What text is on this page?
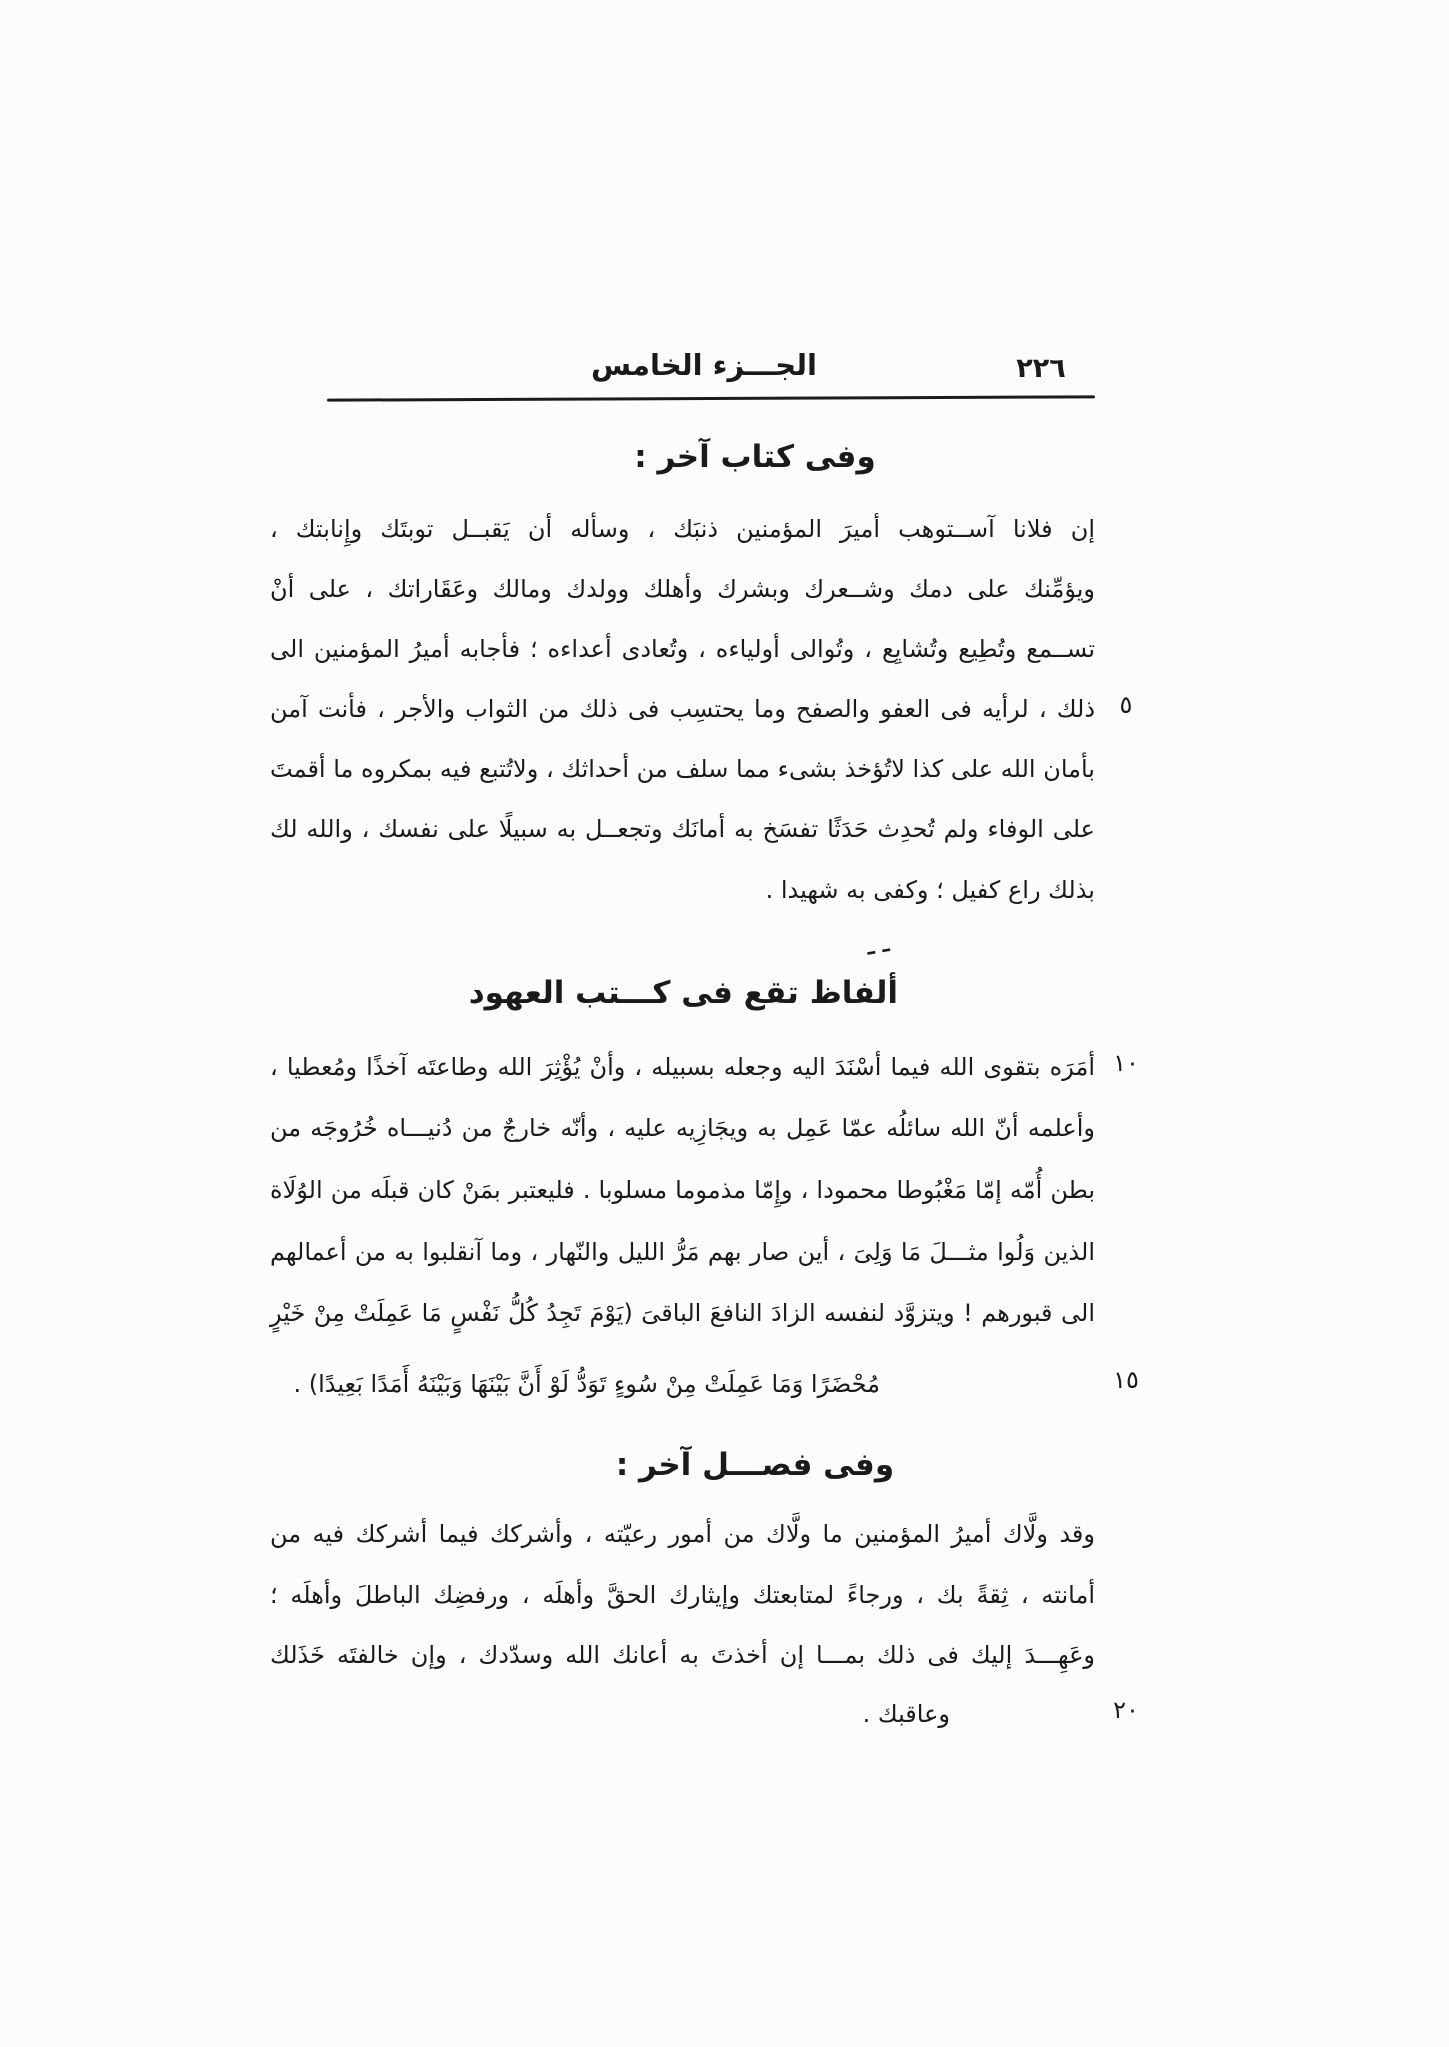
الجـــزء الخامس	٢٢٦
وفى كتاب آخر :
إن فلانا آســتوهب أميرَ المؤمنين ذنبَك ، وسأله أن يَقبــل توبتَك وإِنابتك ،
ويؤمِّنك على دمك وشــعرك وبشرك وأهلك وولدك ومالك وعَقَاراتك ، على أنْ
تســمع وتُطِيع وتُشايِع ، وتُوالى أولياءه ، وتُعادى أعداءه ؛ فأجابه أميرُ المؤمنين الى
ذلك ، لرأيه فى العفو والصفح وما يحتسِب فى ذلك من الثواب والأجر ، فأنت آمن
بأمان الله على كذا لاتُؤخذ بشىء مما سلف من أحداثك ، ولاتُتبع فيه بمكروه ما أقمتَ
على الوفاء ولم تُحدِث حَدَثًا تفسَخ به أمانَك وتجعــل به سبيلًا على نفسك ، والله لك
بذلك راع كفيل ؛ وكفى به شهيدا .
ـ ـ
ألفاظ تقع فى كـــتب العهود
أمَرَه بتقوى الله فيما أسْنَدَ اليه وجعله بسبيله ، وأنْ يُؤْثِرَ الله وطاعتَه آخذًا ومُعطيا ،
وأعلمه أنّ الله سائلُه عمّا عَمِل به ويجَازِيه عليه ، وأنّه خارجٌ من دُنيـــاه خُرُوجَه من
بطن أُمّه إمّا مَغْبُوطا محمودا ، وإِمّا مذموما مسلوبا . فليعتبر بمَنْ كان قبلَه من الوُلَاة
الذين وَلُوا مثـــلَ مَا وَلِىَ ، أين صار بهم مَرُّ الليل والنّهار ، وما آنقلبوا به من أعمالهم
الى قبورهم ! ويتزوَّد لنفسه الزادَ النافعَ الباقىَ (يَوْمَ تَجِدُ كُلُّ نَفْسٍ مَا عَمِلَتْ مِنْ خَيْرٍ
مُحْضَرًا وَمَا عَمِلَتْ مِنْ سُوءٍ تَوَدُّ لَوْ أَنَّ بَيْنَهَا وَبَيْنَهُ أَمَدًا بَعِيدًا) .
وفى فصـــل آخر :
وقد ولَّاك أميرُ المؤمنين ما ولَّاك من أمور رعيّته ، وأشركك فيما أشركك فيه من
أمانته ، ثِقةً بك ، ورجاءً لمتابعتك وإيثارك الحقَّ وأهلَه ، ورفضِك الباطلَ وأهلَه ؛
وعَهِـــدَ إليك فى ذلك بمـــا إن أخذتَ به أعانك الله وسدّدك ، وإن خالفتَه خَذَلك
وعاقبك .
٥
١٠
١٥
٢٠
